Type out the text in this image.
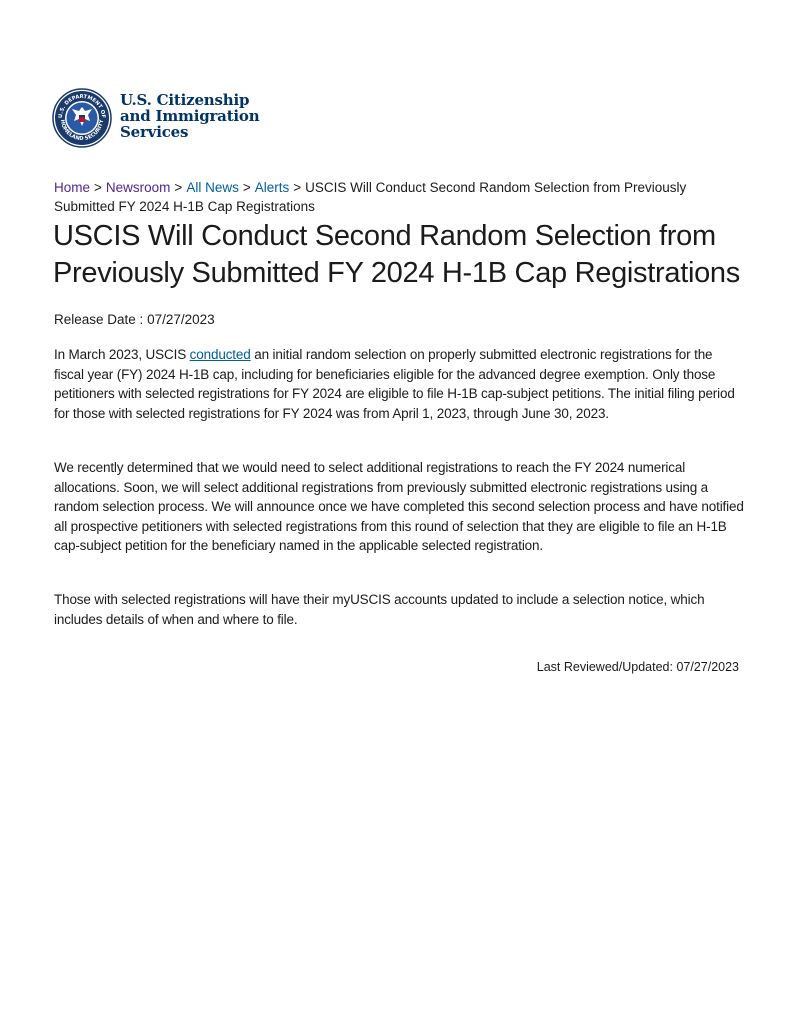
U.S. DEPARTMENT OF
HOMELAND SECURITY
U.S. Citizenship
and Immigration
Services
Home > Newsroom > All News > Alerts > USCIS Will Conduct Second Random Selection from Previously Submitted FY 2024 H-1B Cap Registrations
USCIS Will Conduct Second Random Selection from Previously Submitted FY 2024 H-1B Cap Registrations
Release Date : 07/27/2023

In March 2023, USCIS conducted an initial random selection on properly submitted electronic registrations for the fiscal year (FY) 2024 H-1B cap, including for beneficiaries eligible for the advanced degree exemption. Only those petitioners with selected registrations for FY 2024 are eligible to file H-1B cap-subject petitions. The initial filing period for those with selected registrations for FY 2024 was from April 1, 2023, through June 30, 2023.

We recently determined that we would need to select additional registrations to reach the FY 2024 numerical allocations. Soon, we will select additional registrations from previously submitted electronic registrations using a random selection process. We will announce once we have completed this second selection process and have notified all prospective petitioners with selected registrations from this round of selection that they are eligible to file an H-1B cap-subject petition for the beneficiary named in the applicable selected registration.

Those with selected registrations will have their myUSCIS accounts updated to include a selection notice, which includes details of when and where to file.

Last Reviewed/Updated: 07/27/2023
